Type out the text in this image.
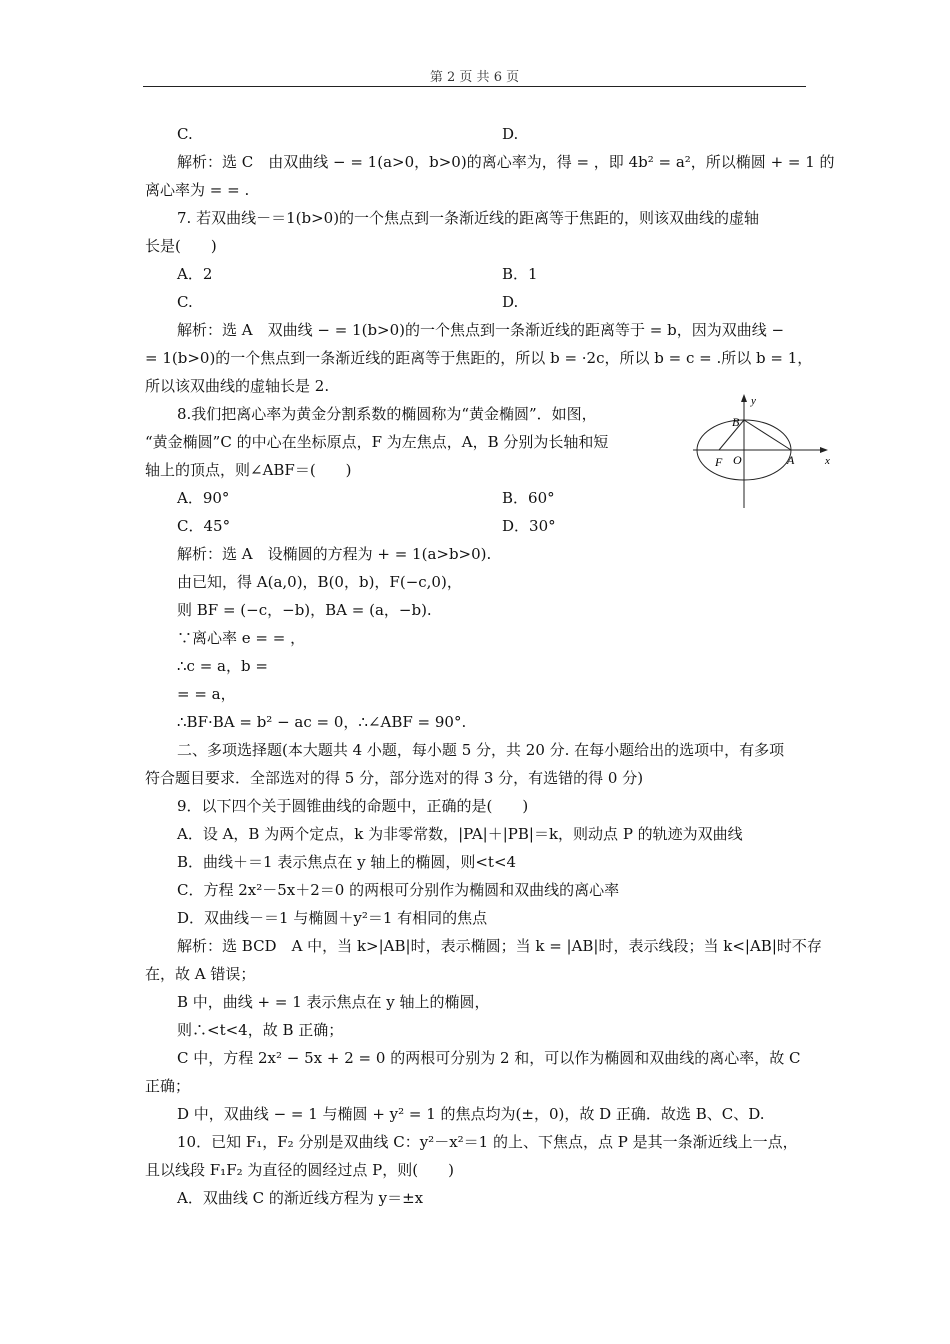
第 2 页 共 6 页
C.	D.
解析：选 C　由双曲线 − = 1(a>0，b>0)的离心率为，得 = ，即 4b² = a²，所以椭圆 + = 1 的
离心率为 = = .
7. 若双曲线－＝1(b>0)的一个焦点到一条渐近线的距离等于焦距的，则该双曲线的虚轴
长是(　　)
A．2	B．1
C.	D.
解析：选 A　双曲线 − = 1(b>0)的一个焦点到一条渐近线的距离等于 = b，因为双曲线 −
= 1(b>0)的一个焦点到一条渐近线的距离等于焦距的，所以 b = ·2c，所以 b = c = .所以 b = 1，
所以该双曲线的虚轴长是 2.
8.我们把离心率为黄金分割系数的椭圆称为“黄金椭圆”．如图，
“黄金椭圆”C 的中心在坐标原点，F 为左焦点，A，B 分别为长轴和短
轴上的顶点，则∠ABF＝(　　)
y
x
B
F O	A
A．90°	B．60°
C．45°	D．30°
解析：选 A　设椭圆的方程为 + = 1(a>b>0).
由已知，得 A(a,0)，B(0，b)，F(−c,0)，
则 BF = (−c，−b)，BA = (a，−b).
∵离心率 e = = ，
∴c = a，b =
= = a，
∴BF·BA = b² − ac = 0，∴∠ABF = 90°.
二、多项选择题(本大题共 4 小题，每小题 5 分，共 20 分. 在每小题给出的选项中，有多项
符合题目要求．全部选对的得 5 分，部分选对的得 3 分，有选错的得 0 分)
9．以下四个关于圆锥曲线的命题中，正确的是(　　)
A．设 A，B 为两个定点，k 为非零常数，|PA|＋|PB|＝k，则动点 P 的轨迹为双曲线
B．曲线＋＝1 表示焦点在 y 轴上的椭圆，则<t<4
C．方程 2x²－5x＋2＝0 的两根可分别作为椭圆和双曲线的离心率
D．双曲线－＝1 与椭圆＋y²＝1 有相同的焦点
解析：选 BCD　A 中，当 k>|AB|时，表示椭圆；当 k = |AB|时，表示线段；当 k<|AB|时不存
在，故 A 错误；
B 中，曲线 + = 1 表示焦点在 y 轴上的椭圆，
则∴<t<4，故 B 正确；
C 中，方程 2x² − 5x + 2 = 0 的两根可分别为 2 和，可以作为椭圆和双曲线的离心率，故 C
正确；
D 中，双曲线 − = 1 与椭圆 + y² = 1 的焦点均为(±，0)，故 D 正确．故选 B、C、D.
10．已知 F₁，F₂ 分别是双曲线 C：y²－x²＝1 的上、下焦点，点 P 是其一条渐近线上一点，
且以线段 F₁F₂ 为直径的圆经过点 P，则(　　)
A．双曲线 C 的渐近线方程为 y＝±x
